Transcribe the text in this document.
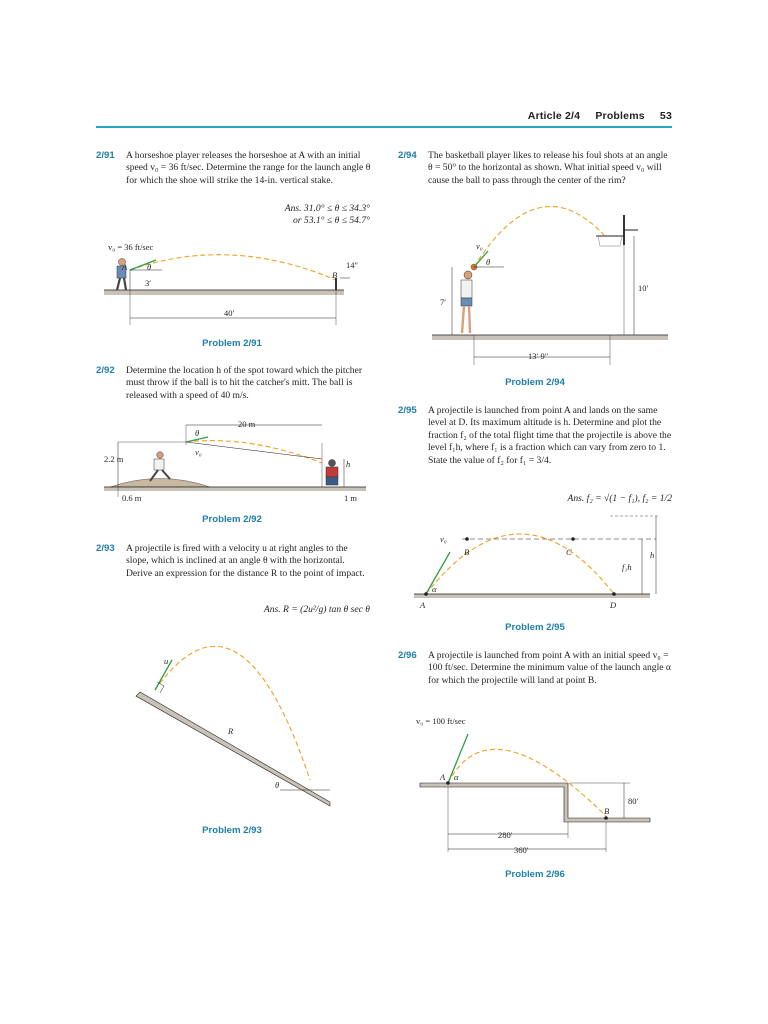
Article 2/4 Problems 53
2/91 A horseshoe player releases the horseshoe at A with an initial speed v₀ = 36 ft/sec. Determine the range for the launch angle θ for which the shoe will strike the 14-in. vertical stake.
Ans. 31.0° ≤ θ ≤ 34.3°
or 53.1° ≤ θ ≤ 54.7°
v₀ = 36 ft/sec
A θ
3′
14″
B
40′
Problem 2/91
2/92 Determine the location h of the spot toward which the pitcher must throw if the ball is to hit the catcher's mitt. The ball is released with a speed of 40 m/s.
20 m
θ
v₀
2.2 m	h
0.6 m	1 m
Problem 2/92
2/93 A projectile is fired with a velocity u at right angles to the slope, which is inclined at an angle θ with the horizontal. Derive an expression for the distance R to the point of impact.
Ans. R = (2u²/g) tan θ sec θ
u
R
θ
Problem 2/93
2/94 The basketball player likes to release his foul shots at an angle θ = 50° to the horizontal as shown. What initial speed v₀ will cause the ball to pass through the center of the rim?
v₀
θ
7′
10′
13′ 9″
Problem 2/94
2/95 A projectile is launched from point A and lands on the same level at D. Its maximum altitude is h. Determine and plot the fraction f₂ of the total flight time that the projectile is above the level f₁h, where f₁ is a fraction which can vary from zero to 1. State the value of f₂ for f₁ = 3/4.
Ans. f₂ = √(1 − f₁), f₂ = 1/2
v₀
B	C
α
A	D
h
f₁h
Problem 2/95
2/96 A projectile is launched from point A with an initial speed v₀ = 100 ft/sec. Determine the minimum value of the launch angle α for which the projectile will land at point B.
v₀ = 100 ft/sec
A α
B
80′
280′
360′
Problem 2/96
